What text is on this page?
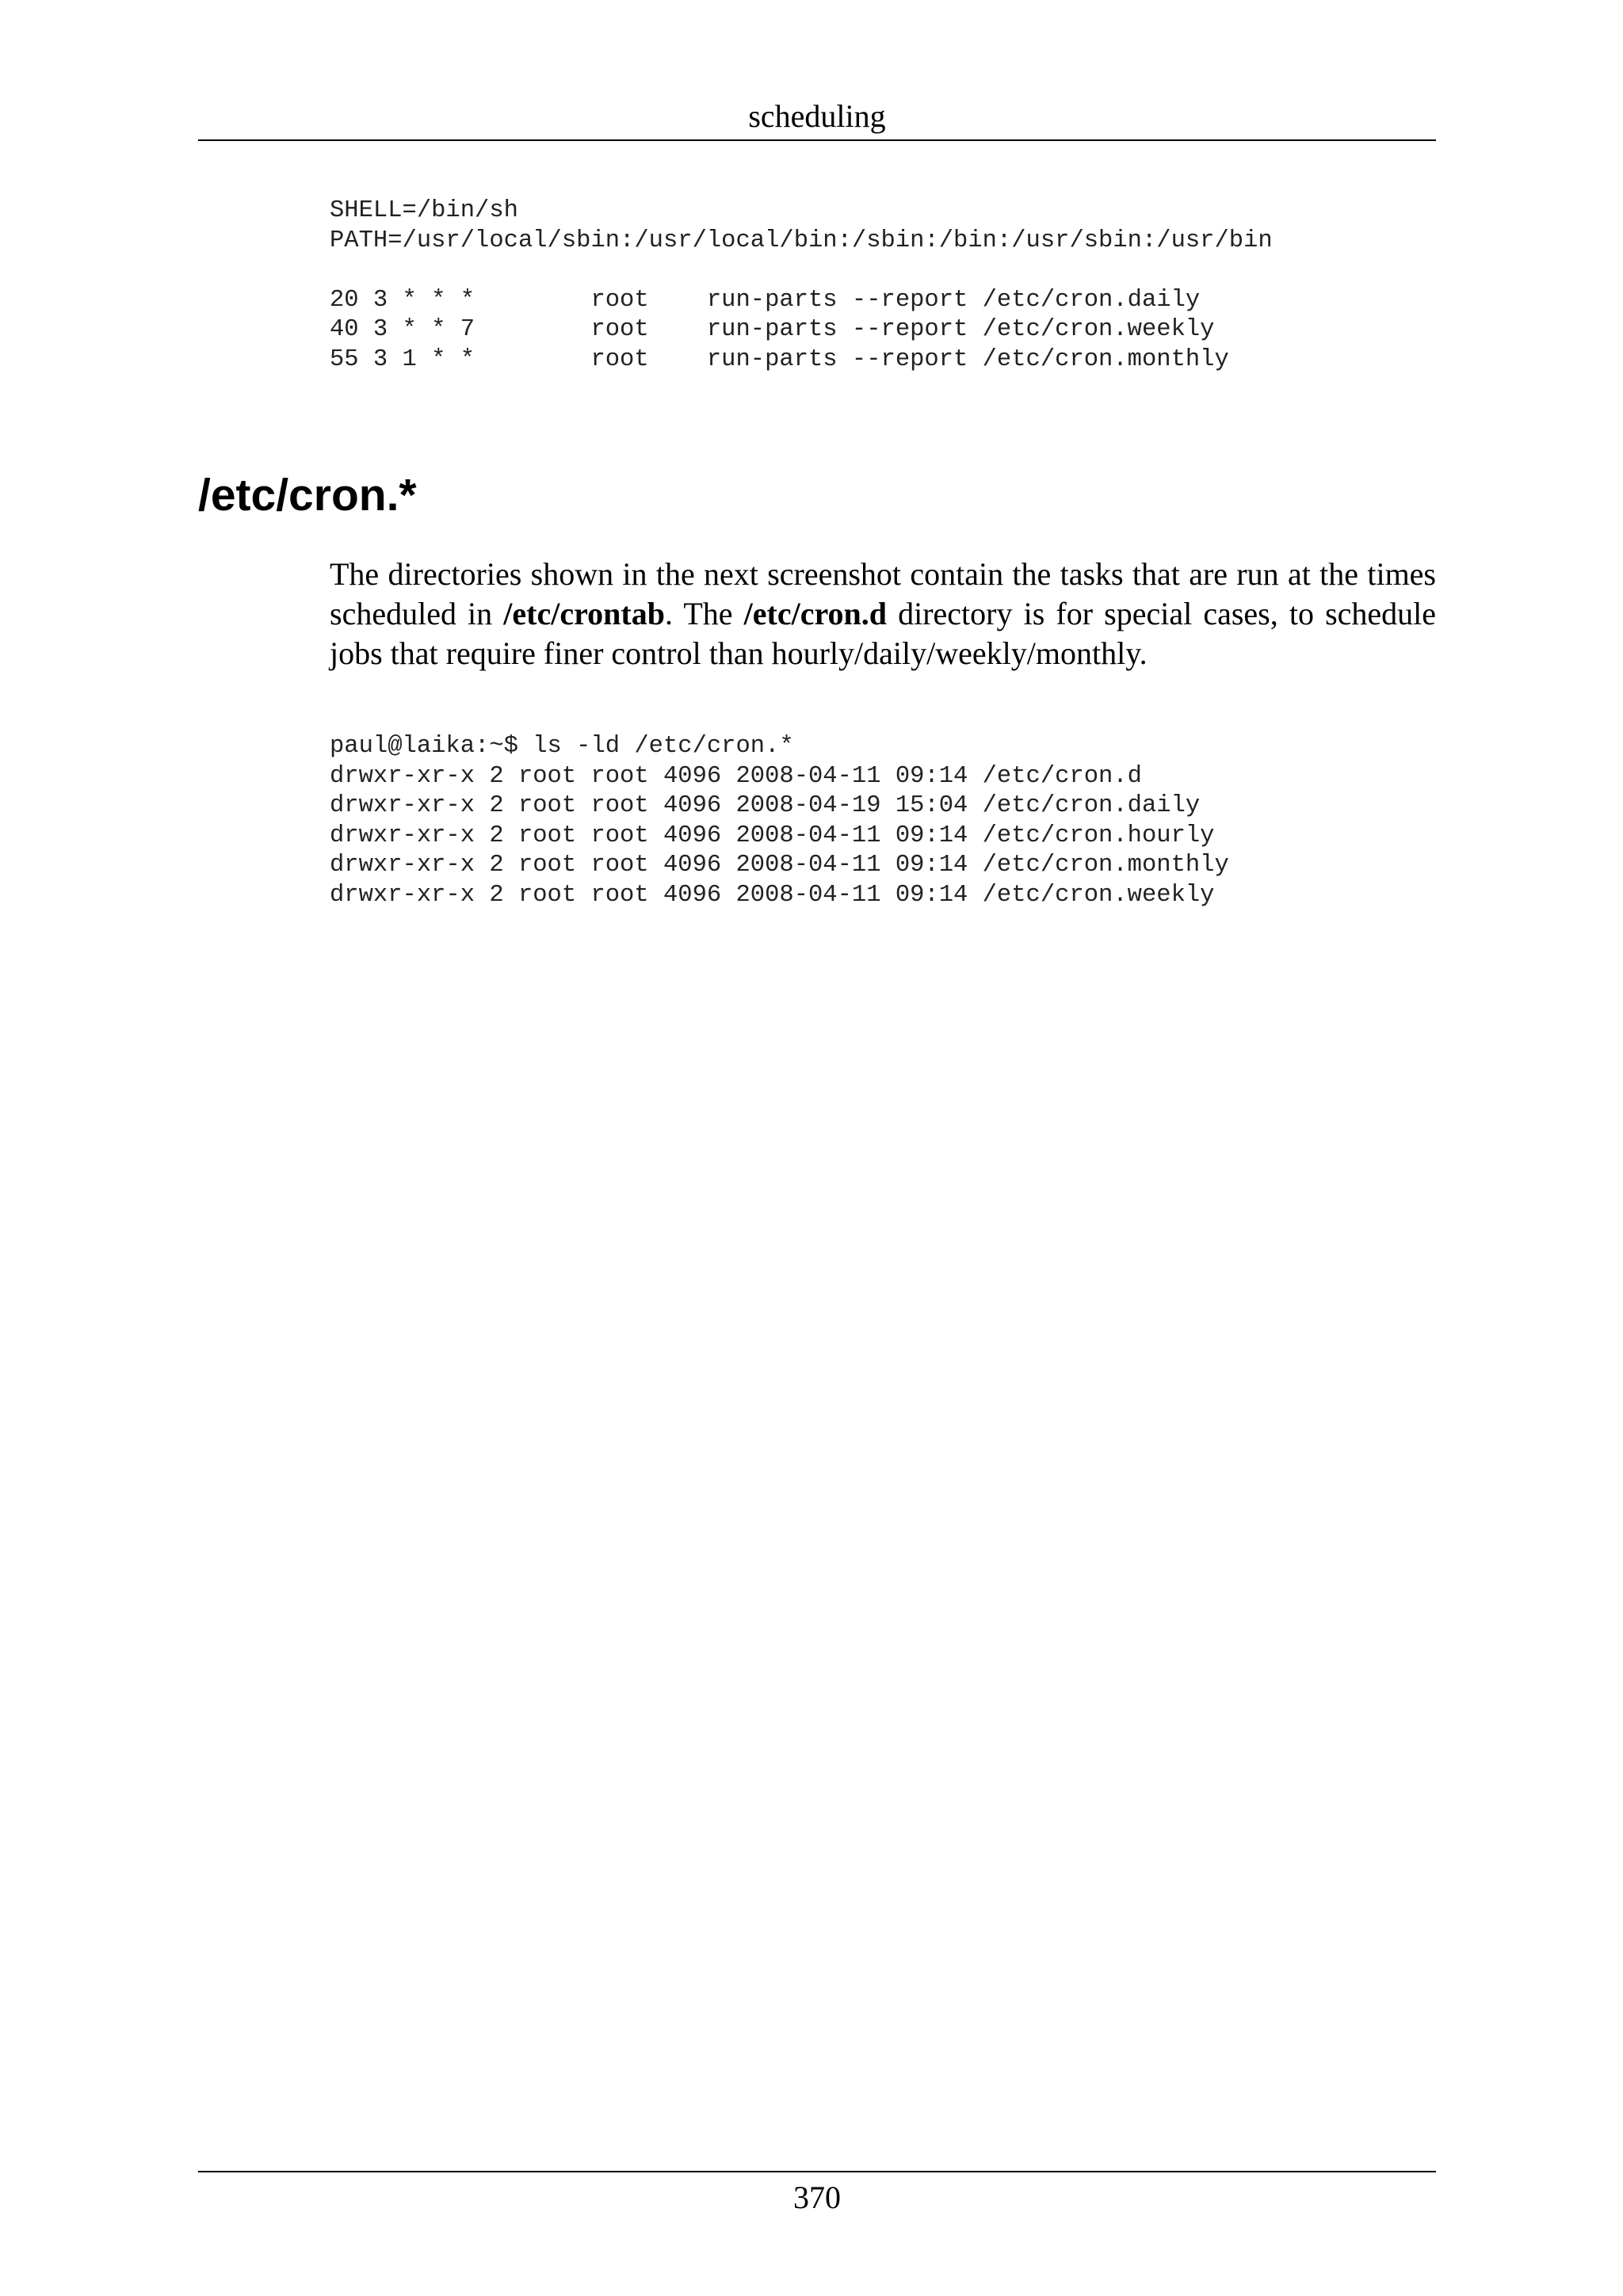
scheduling
SHELL=/bin/sh
PATH=/usr/local/sbin:/usr/local/bin:/sbin:/bin:/usr/sbin:/usr/bin
20 3 * * *        root    run-parts --report /etc/cron.daily
40 3 * * 7        root    run-parts --report /etc/cron.weekly
55 3 1 * *        root    run-parts --report /etc/cron.monthly
/etc/cron.*

The directories shown in the next screenshot contain the tasks that are run at the times scheduled in /etc/crontab. The /etc/cron.d directory is for special cases, to schedule jobs that require finer control than hourly/daily/weekly/monthly.

paul@laika:~$ ls -ld /etc/cron.*
drwxr-xr-x 2 root root 4096 2008-04-11 09:14 /etc/cron.d
drwxr-xr-x 2 root root 4096 2008-04-19 15:04 /etc/cron.daily
drwxr-xr-x 2 root root 4096 2008-04-11 09:14 /etc/cron.hourly
drwxr-xr-x 2 root root 4096 2008-04-11 09:14 /etc/cron.monthly
drwxr-xr-x 2 root root 4096 2008-04-11 09:14 /etc/cron.weekly
370
